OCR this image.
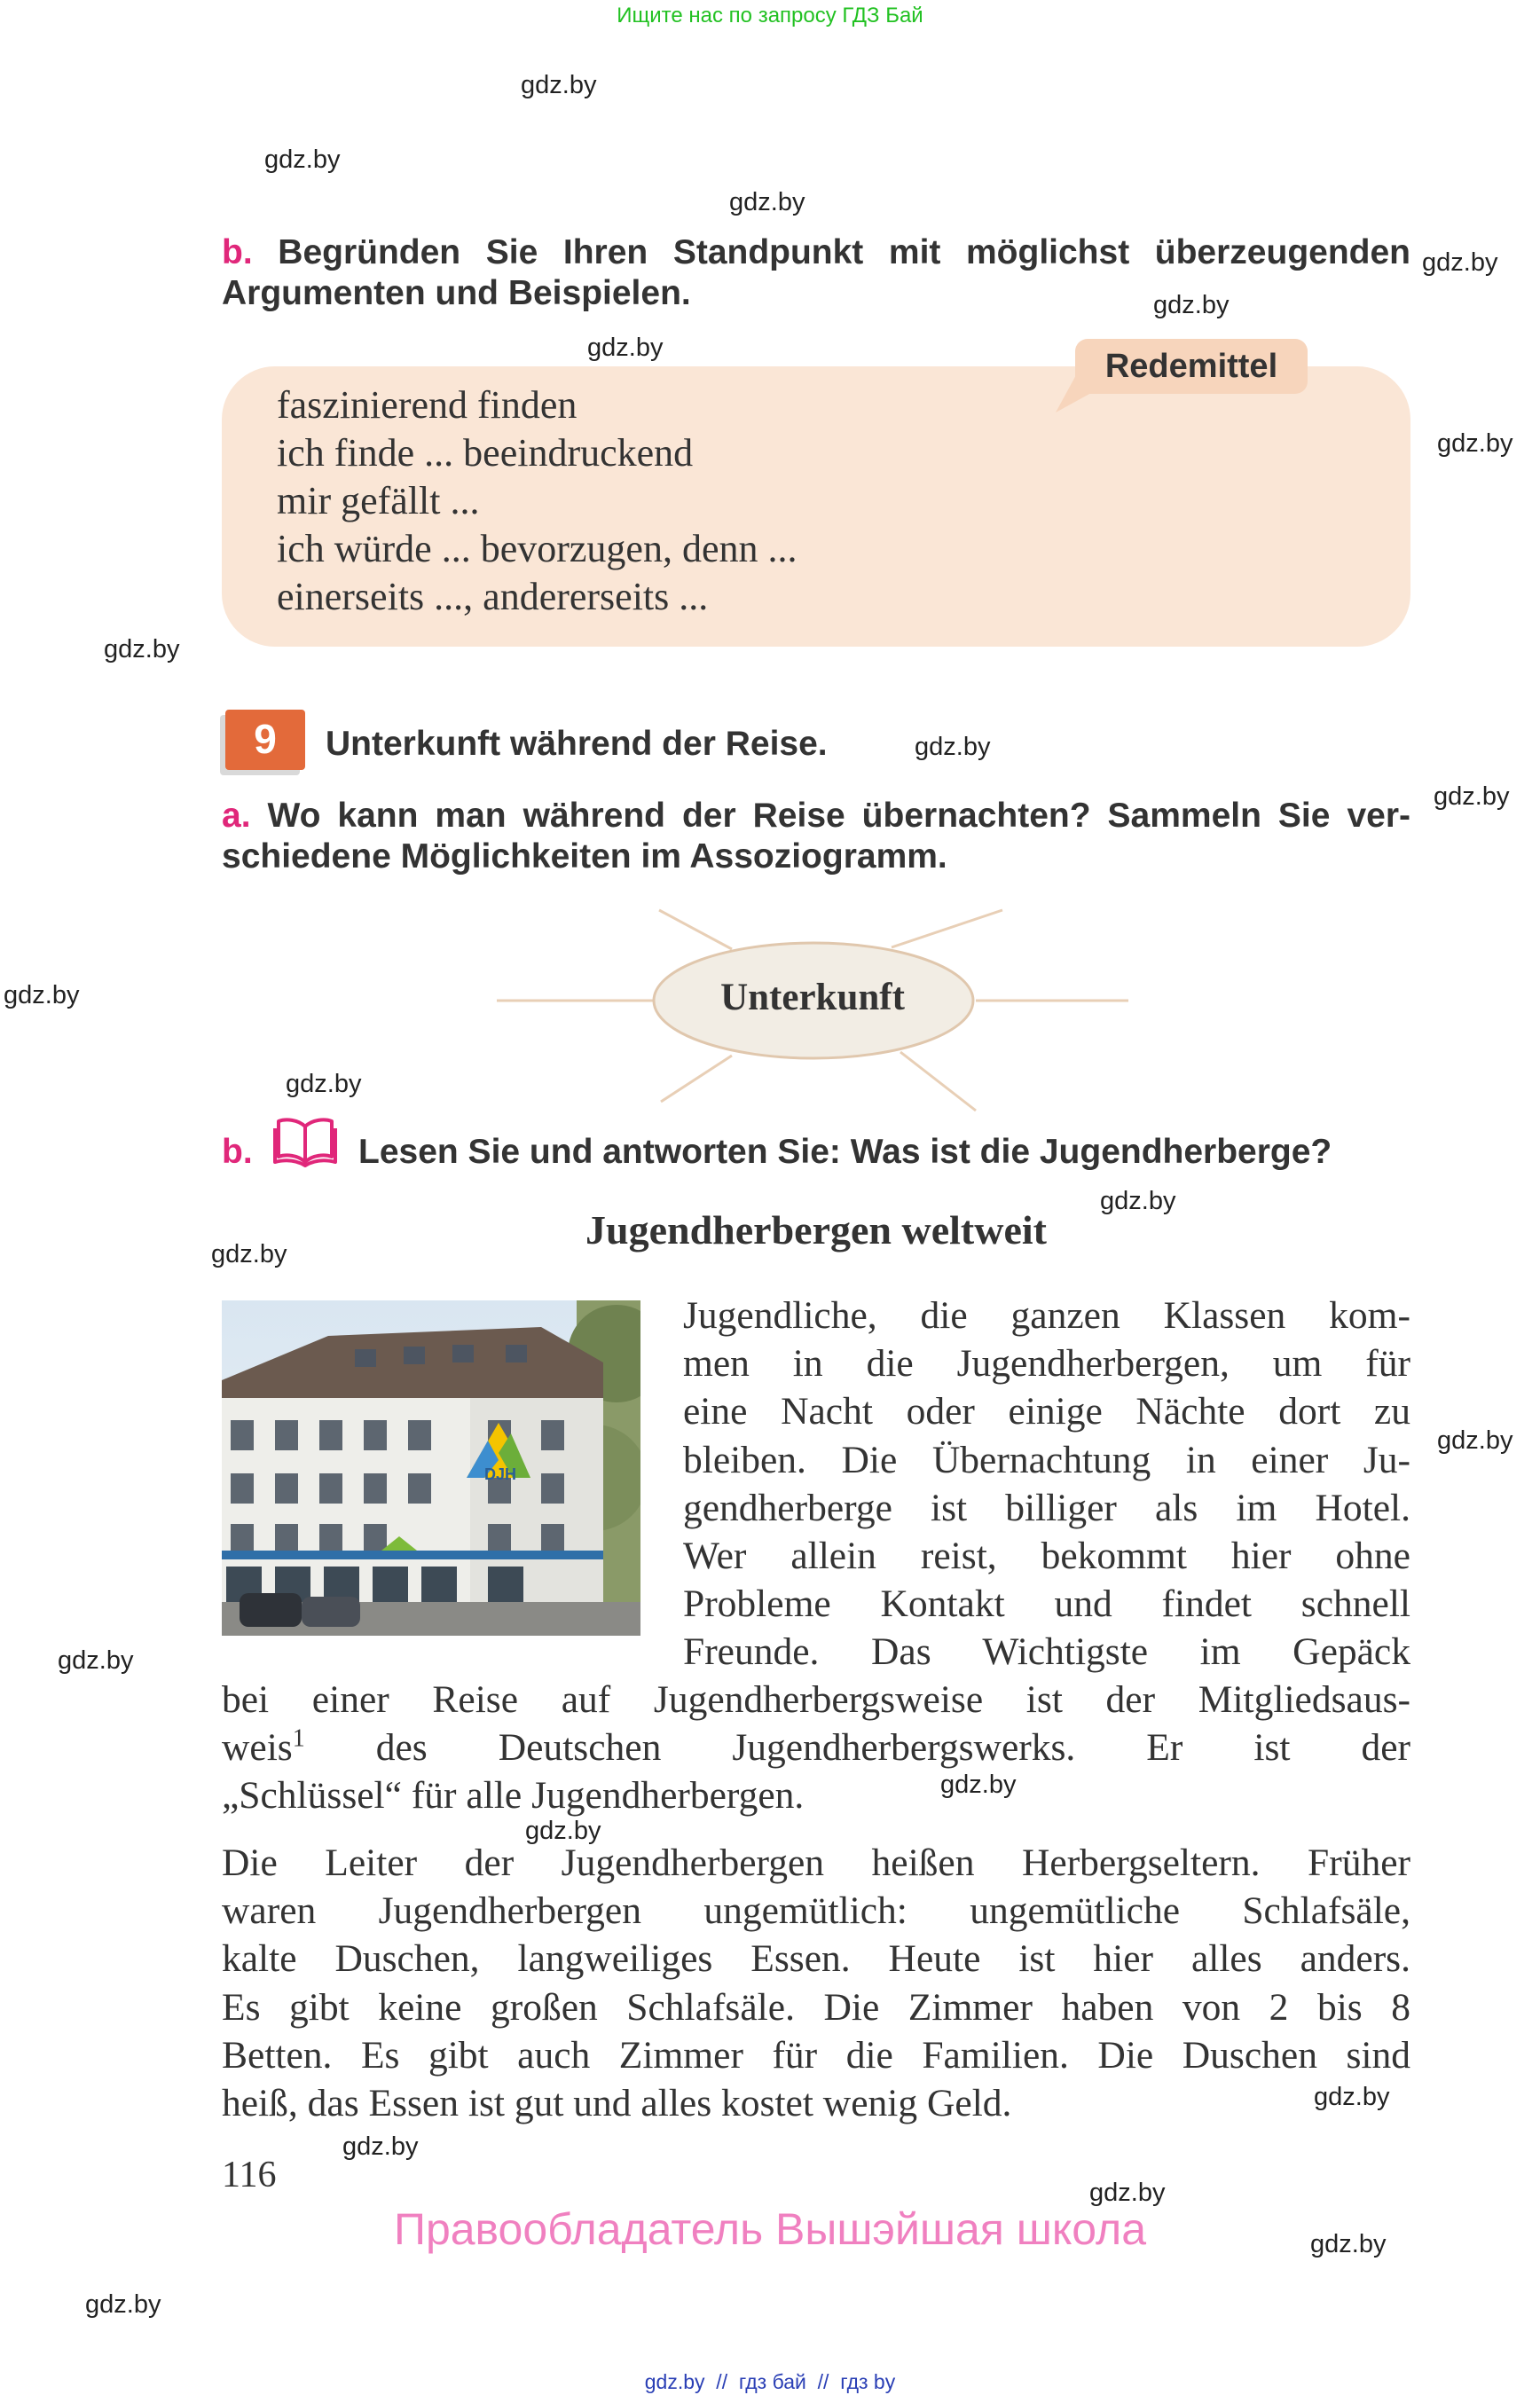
Ищите нас по запросу ГДЗ Бай
gdz.by
gdz.by
gdz.by
gdz.by
gdz.by
gdz.by
gdz.by
gdz.by
gdz.by
gdz.by
gdz.by
gdz.by
gdz.by
gdz.by
gdz.by
gdz.by
gdz.by
gdz.by
gdz.by
gdz.by
gdz.by
gdz.by
gdz.by
b. Begründen Sie Ihren Standpunkt mit möglichst überzeugenden
Argumenten und Beispielen.
Redemittel
faszinierend finden
ich finde ... beeindruckend
mir gefällt ...
ich würde ... bevorzugen, denn ...
einerseits ..., andererseits ...
9	Unterkunft während der Reise.
a. Wo kann man während der Reise übernachten? Sammeln Sie ver-
schiedene Möglichkeiten im Assoziogramm.
Unterkunft
b.	Lesen Sie und antworten Sie: Was ist die Jugendherberge?
Jugendherbergen weltweit
DJH
Jugendliche, die ganzen Klassen kom-
men in die Jugendherbergen, um für
eine Nacht oder einige Nächte dort zu
bleiben. Die Übernachtung in einer Ju-
gendherberge ist billiger als im Hotel.
Wer allein reist, bekommt hier ohne
Probleme Kontakt und findet schnell
Freunde. Das Wichtigste im Gepäck
bei einer Reise auf Jugendherbergsweise ist der Mitgliedsaus-
weis$^1$ des Deutschen Jugendherbergswerks. Er ist der
„Schlüssel“ für alle Jugendherbergen.
Die Leiter der Jugendherbergen heißen Herbergseltern. Früher
waren Jugendherbergen ungemütlich: ungemütliche Schlafsäle,
kalte Duschen, langweiliges Essen. Heute ist hier alles anders.
Es gibt keine großen Schlafsäle. Die Zimmer haben von 2 bis 8
Betten. Es gibt auch Zimmer für die Familien. Die Duschen sind
heiß, das Essen ist gut und alles kostet wenig Geld.
116
Правообладатель Вышэйшая школа
gdz.by  //  гдз бай  //  гдз by
